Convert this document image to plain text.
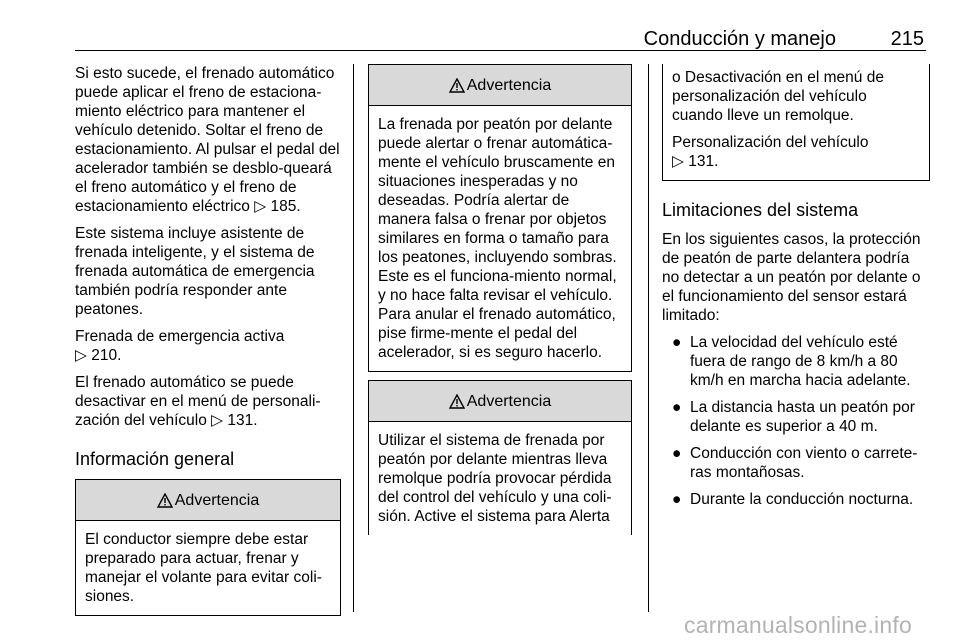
Conducción y manejo	215

Si esto sucede, el frenado automático puede aplicar el freno de estaciona-miento eléctrico para mantener el vehículo detenido. Soltar el freno de estacionamiento. Al pulsar el pedal del acelerador también se desblo-queará el freno automático y el freno de estacionamiento eléctrico ▷ 185.

Este sistema incluye asistente de frenada inteligente, y el sistema de frenada automática de emergencia también podría responder ante peatones.

Frenada de emergencia activa
▷ 210.

El frenado automático se puede desactivar en el menú de personali-zación del vehículo ▷ 131.

Información general
Advertencia
El conductor siempre debe estar preparado para actuar, frenar y manejar el volante para evitar coli-siones.
Advertencia
La frenada por peatón por delante puede alertar o frenar automática-mente el vehículo bruscamente en situaciones inesperadas y no deseadas. Podría alertar de manera falsa o frenar por objetos similares en forma o tamaño para los peatones, incluyendo sombras. Este es el funciona-miento normal, y no hace falta revisar el vehículo. Para anular el frenado automático, pise firme-mente el pedal del acelerador, si es seguro hacerlo.
Advertencia
Utilizar el sistema de frenada por peatón por delante mientras lleva remolque podría provocar pérdida del control del vehículo y una coli-sión. Active el sistema para Alerta

o Desactivación en el menú de personalización del vehículo cuando lleve un remolque.

Personalización del vehículo
▷ 131.

Limitaciones del sistema

En los siguientes casos, la protección de peatón de parte delantera podría no detectar a un peatón por delante o el funcionamiento del sensor estará limitado:

● La velocidad del vehículo esté fuera de rango de 8 km/h a 80 km/h en marcha hacia adelante.
● La distancia hasta un peatón por delante es superior a 40 m.
● Conducción con viento o carrete-ras montañosas.
● Durante la conducción nocturna.
carmanualsonline.info
